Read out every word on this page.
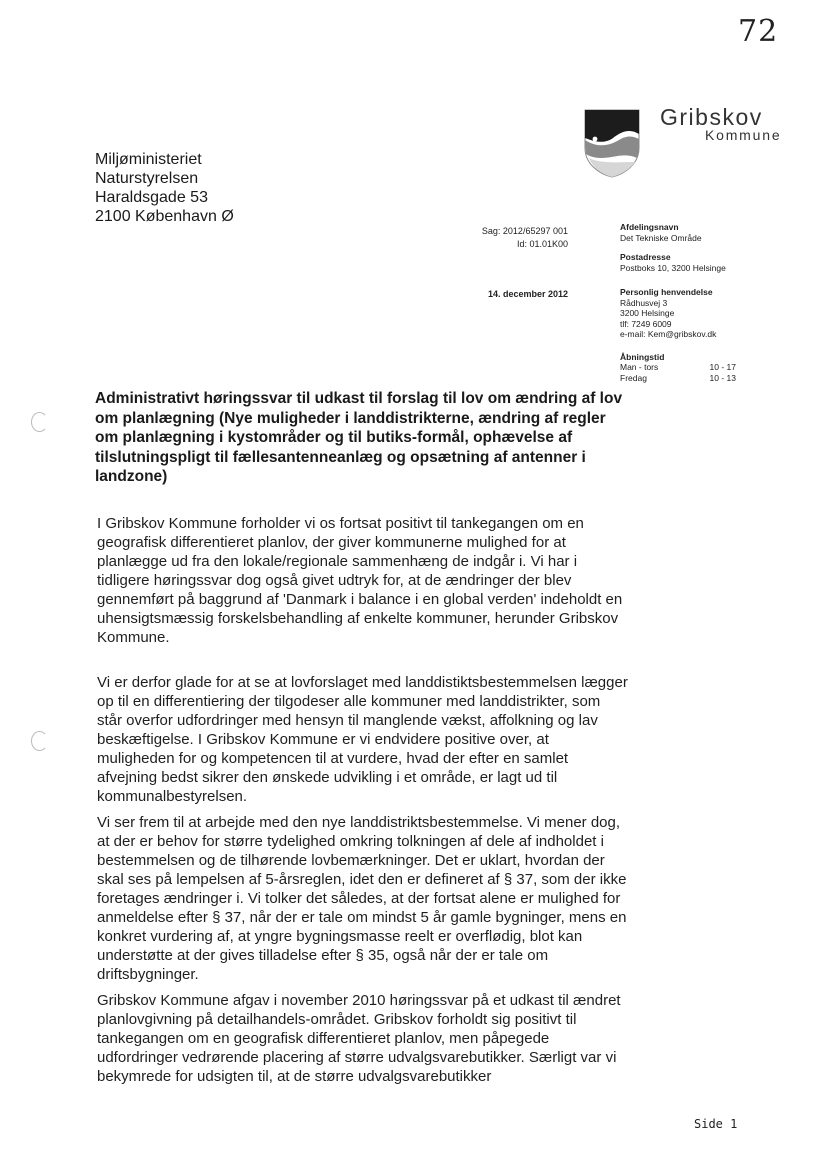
72
Gribskov
Kommune
Miljøministeriet
Naturstyrelsen
Haraldsgade 53
2100 København Ø
Sag: 2012/65297 001
Id: 01.01K00
14. december 2012
Afdelingsnavn
Det Tekniske Område
Postadresse
Postboks 10, 3200 Helsinge
Personlig henvendelse
Rådhusvej 3
3200 Helsinge
tlf: 7249 6009
e-mail: Kem@gribskov.dk
Åbningstid
Man - tors	10 - 17
Fredag	10 - 13
Administrativt høringssvar til udkast til forslag til lov om ændring af lov om planlægning (Nye muligheder i landdistrikterne, ændring af regler om planlægning i kystområder og til butiks-formål, ophævelse af tilslutningspligt til fællesantenneanlæg og opsætning af antenner i landzone)
I Gribskov Kommune forholder vi os fortsat positivt til tankegangen om en geografisk differentieret planlov, der giver kommunerne mulighed for at planlægge ud fra den lokale/regionale sammenhæng de indgår i. Vi har i tidligere høringssvar dog også givet udtryk for, at de ændringer der blev gennemført på baggrund af 'Danmark i balance i en global verden' indeholdt en uhensigtsmæssig forskelsbehandling af enkelte kommuner, herunder Gribskov Kommune.
Vi er derfor glade for at se at lovforslaget med landdistiktsbestemmelsen lægger op til en differentiering der tilgodeser alle kommuner med landdistrikter, som står overfor udfordringer med hensyn til manglende vækst, affolkning og lav beskæftigelse. I Gribskov Kommune er vi endvidere positive over, at muligheden for og kompetencen til at vurdere, hvad der efter en samlet afvejning bedst sikrer den ønskede udvikling i et område, er lagt ud til kommunalbestyrelsen.
Vi ser frem til at arbejde med den nye landdistriktsbestemmelse. Vi mener dog, at der er behov for større tydelighed omkring tolkningen af dele af indholdet i bestemmelsen og de tilhørende lovbemærkninger. Det er uklart, hvordan der skal ses på lempelsen af 5-årsreglen, idet den er defineret af § 37, som der ikke foretages ændringer i. Vi tolker det således, at der fortsat alene er mulighed for anmeldelse efter § 37, når der er tale om mindst 5 år gamle bygninger, mens en konkret vurdering af, at yngre bygningsmasse reelt er overflødig, blot kan understøtte at der gives tilladelse efter § 35, også når der er tale om driftsbygninger.
Gribskov Kommune afgav i november 2010 høringssvar på et udkast til ændret planlovgivning på detailhandels-området. Gribskov forholdt sig positivt til tankegangen om en geografisk differentieret planlov, men påpegede udfordringer vedrørende placering af større udvalgsvarebutikker. Særligt var vi bekymrede for udsigten til, at de større udvalgsvarebutikker
Side 1
